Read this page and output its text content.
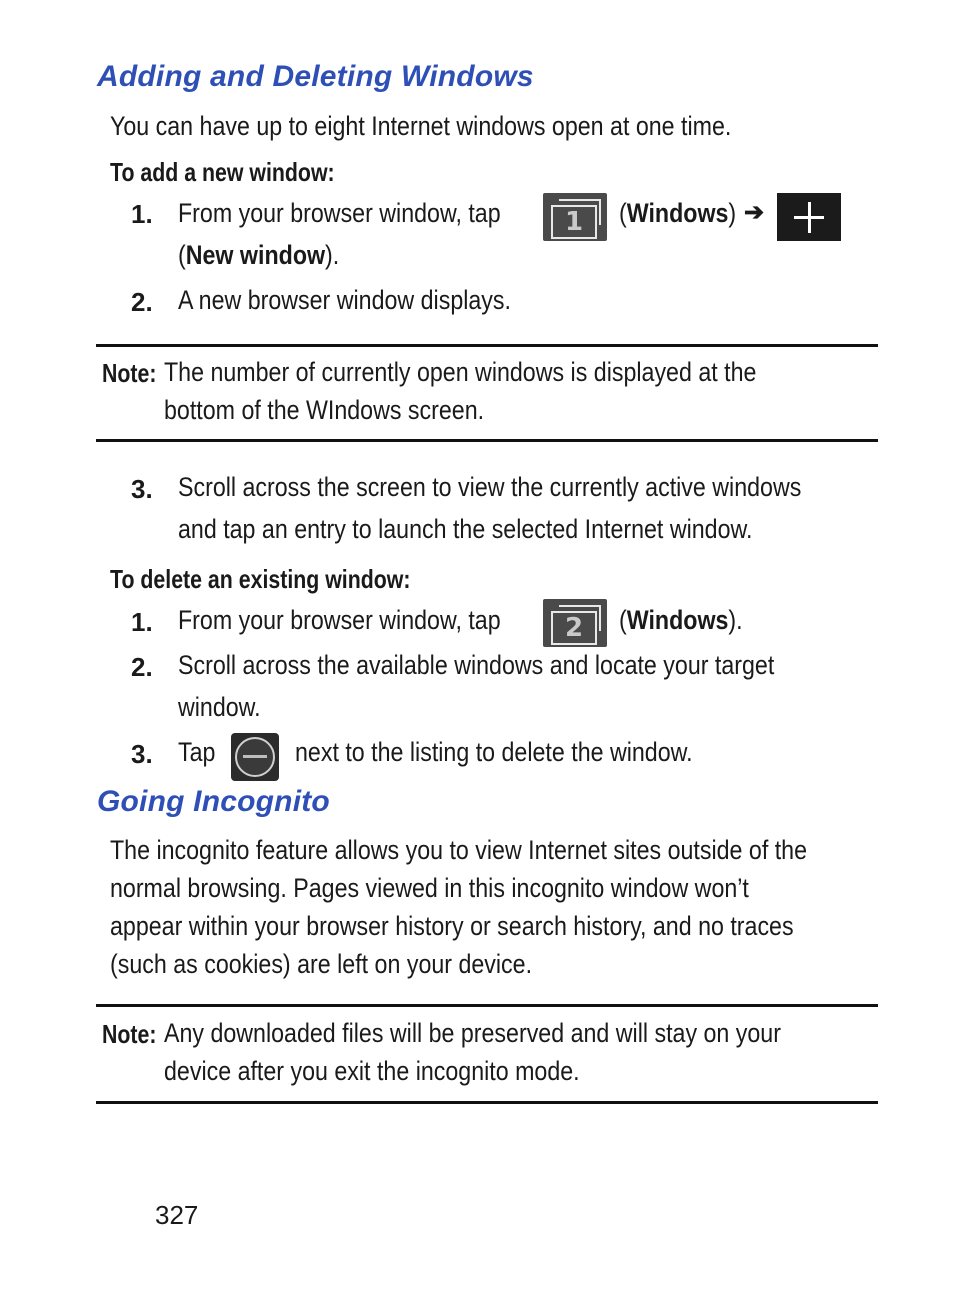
Adding and Deleting Windows
You can have up to eight Internet windows open at one time.
To add a new window:
1. From your browser window, tap	1	(Windows) ➔
(New window).
2. A new browser window displays.
Note: The number of currently open windows is displayed at the
bottom of the WIndows screen.
3. Scroll across the screen to view the currently active windows
and tap an entry to launch the selected Internet window.
To delete an existing window:
1. From your browser window, tap	2	(Windows).
2. Scroll across the available windows and locate your target
window.
3. Tap	next to the listing to delete the window.
Going Incognito
The incognito feature allows you to view Internet sites outside of the
normal browsing. Pages viewed in this incognito window won’t
appear within your browser history or search history, and no traces
(such as cookies) are left on your device.
Note: Any downloaded files will be preserved and will stay on your
device after you exit the incognito mode.
327
